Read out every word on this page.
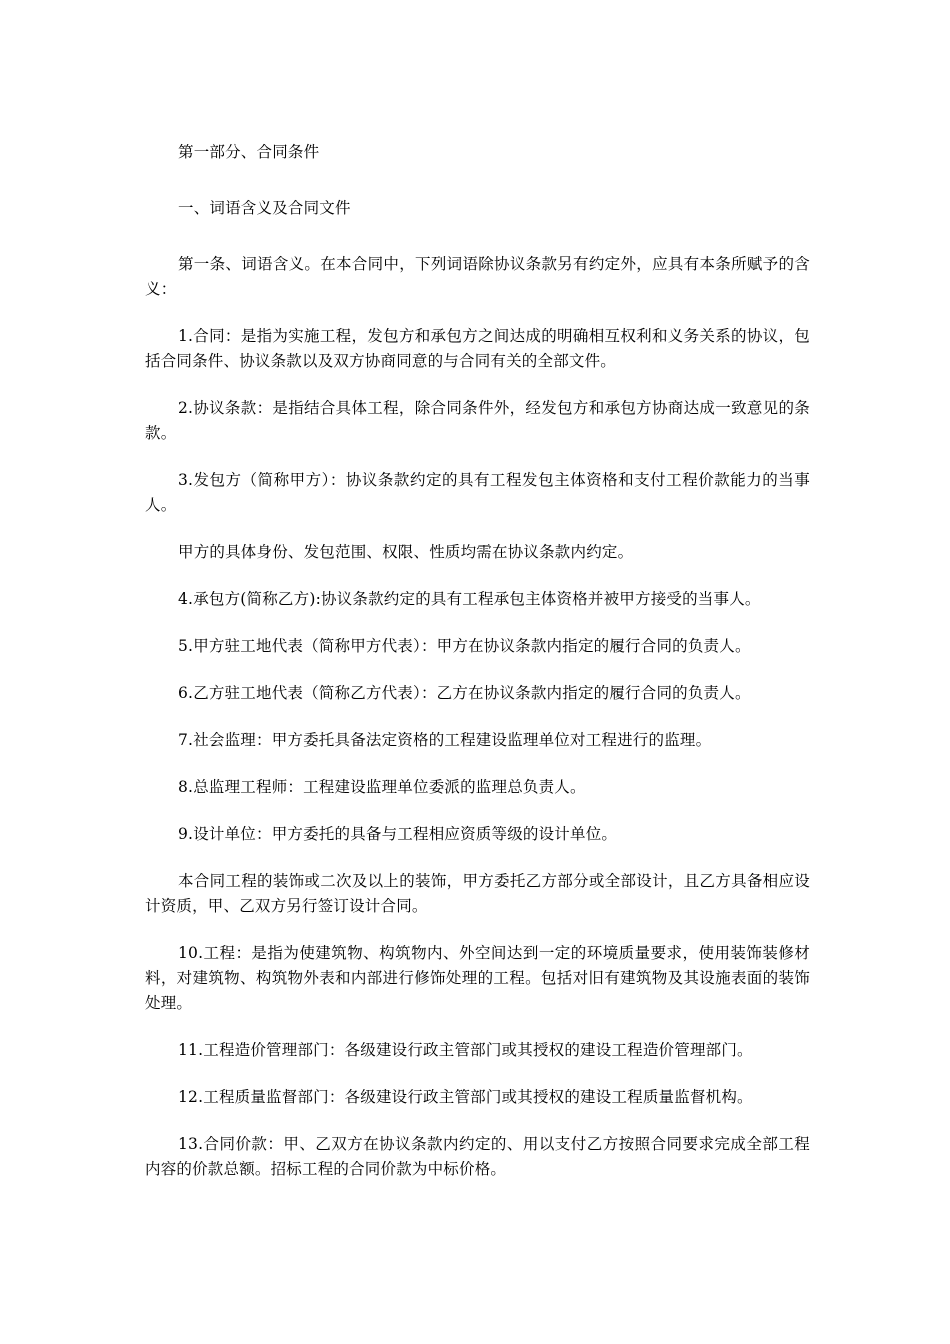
第一部分、合同条件

一、词语含义及合同文件

第一条、词语含义。在本合同中，下列词语除协议条款另有约定外，应具有本条所赋予的含义：

1.合同：是指为实施工程，发包方和承包方之间达成的明确相互权利和义务关系的协议，包括合同条件、协议条款以及双方协商同意的与合同有关的全部文件。

2.协议条款：是指结合具体工程，除合同条件外，经发包方和承包方协商达成一致意见的条款。

3.发包方（简称甲方）：协议条款约定的具有工程发包主体资格和支付工程价款能力的当事人。

甲方的具体身份、发包范围、权限、性质均需在协议条款内约定。

4.承包方(简称乙方):协议条款约定的具有工程承包主体资格并被甲方接受的当事人。

5.甲方驻工地代表（简称甲方代表）：甲方在协议条款内指定的履行合同的负责人。

6.乙方驻工地代表（简称乙方代表）：乙方在协议条款内指定的履行合同的负责人。

7.社会监理：甲方委托具备法定资格的工程建设监理单位对工程进行的监理。

8.总监理工程师：工程建设监理单位委派的监理总负责人。

9.设计单位：甲方委托的具备与工程相应资质等级的设计单位。

本合同工程的装饰或二次及以上的装饰，甲方委托乙方部分或全部设计，且乙方具备相应设计资质，甲、乙双方另行签订设计合同。

10.工程：是指为使建筑物、构筑物内、外空间达到一定的环境质量要求，使用装饰装修材料，对建筑物、构筑物外表和内部进行修饰处理的工程。包括对旧有建筑物及其设施表面的装饰处理。

11.工程造价管理部门：各级建设行政主管部门或其授权的建设工程造价管理部门。

12.工程质量监督部门：各级建设行政主管部门或其授权的建设工程质量监督机构。

13.合同价款：甲、乙双方在协议条款内约定的、用以支付乙方按照合同要求完成全部工程内容的价款总额。招标工程的合同价款为中标价格。
